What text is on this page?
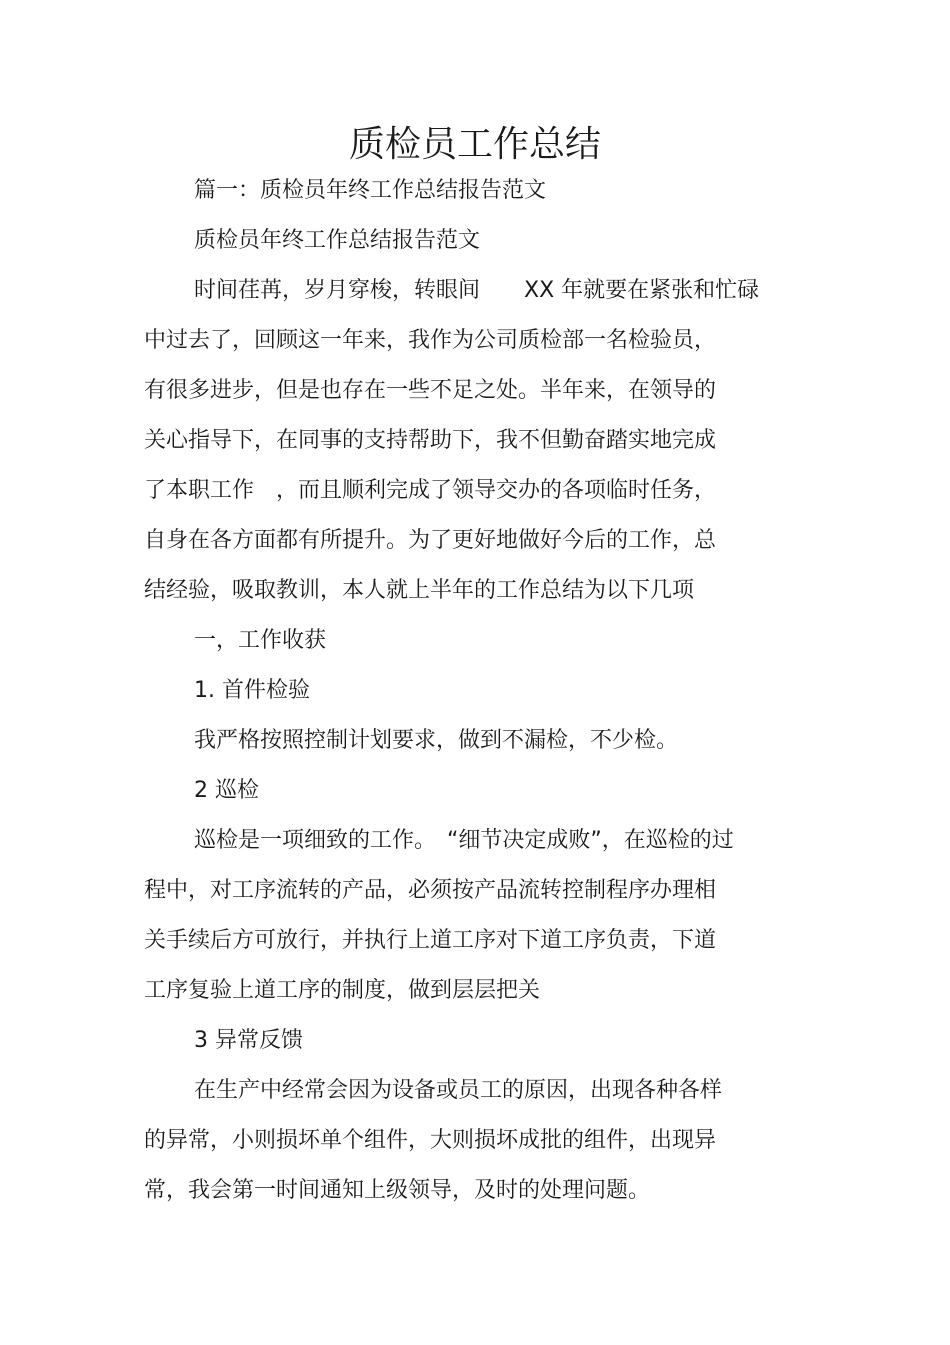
质检员工作总结
篇一：质检员年终工作总结报告范文
质检员年终工作总结报告范文
时间荏苒，岁月穿梭，转眼间　　XX 年就要在紧张和忙碌
中过去了，回顾这一年来，我作为公司质检部一名检验员，
有很多进步，但是也存在一些不足之处。半年来，在领导的
关心指导下，在同事的支持帮助下，我不但勤奋踏实地完成
了本职工作　，而且顺利完成了领导交办的各项临时任务，
自身在各方面都有所提升。为了更好地做好今后的工作，总
结经验，吸取教训，本人就上半年的工作总结为以下几项
一，工作收获
1. 首件检验
我严格按照控制计划要求，做到不漏检，不少检。
2 巡检
巡检是一项细致的工作。　“细节决定成败”，在巡检的过
程中，对工序流转的产品，必须按产品流转控制程序办理相
关手续后方可放行，并执行上道工序对下道工序负责，下道
工序复验上道工序的制度，做到层层把关
3 异常反馈
在生产中经常会因为设备或员工的原因，出现各种各样
的异常，小则损坏单个组件，大则损坏成批的组件，出现异
常，我会第一时间通知上级领导，及时的处理问题。
